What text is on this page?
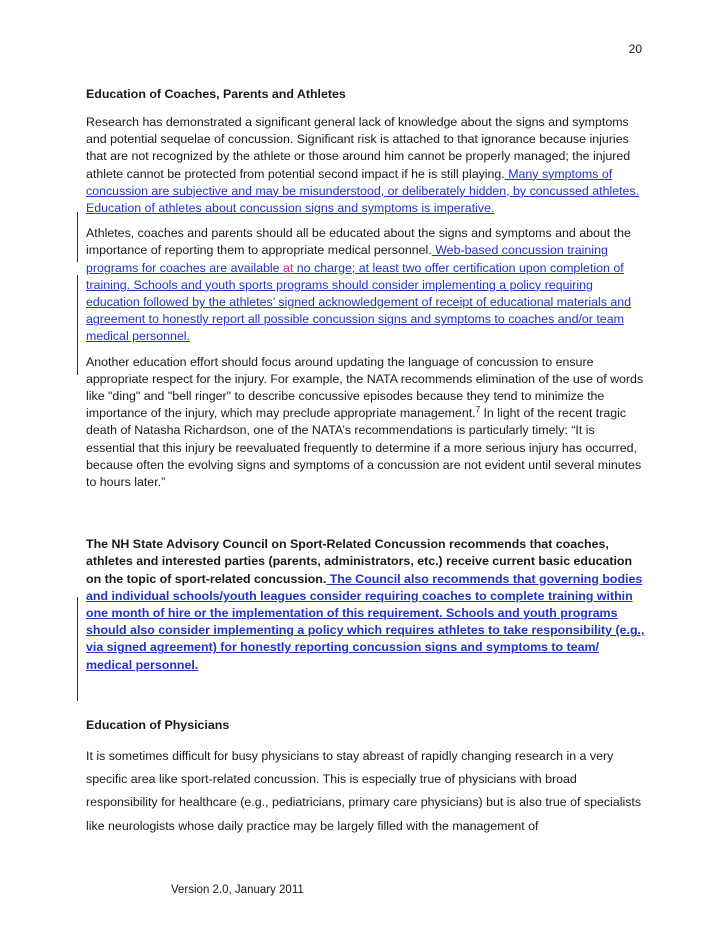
20
Education of Coaches, Parents and Athletes

Research has demonstrated a significant general lack of knowledge about the signs and symptoms and potential sequelae of concussion. Significant risk is attached to that ignorance because injuries that are not recognized by the athlete or those around him cannot be properly managed; the injured athlete cannot be protected from potential second impact if he is still playing. Many symptoms of concussion are subjective and may be misunderstood, or deliberately hidden, by concussed athletes. Education of athletes about concussion signs and symptoms is imperative.

Athletes, coaches and parents should all be educated about the signs and symptoms and about the importance of reporting them to appropriate medical personnel. Web-based concussion training programs for coaches are available at no charge; at least two offer certification upon completion of training. Schools and youth sports programs should consider implementing a policy requiring education followed by the athletes’ signed acknowledgement of receipt of educational materials and agreement to honestly report all possible concussion signs and symptoms to coaches and/or team medical personnel.

Another education effort should focus around updating the language of concussion to ensure appropriate respect for the injury. For example, the NATA recommends elimination of the use of words like "ding" and "bell ringer" to describe concussive episodes because they tend to minimize the importance of the injury, which may preclude appropriate management.$^7$ In light of the recent tragic death of Natasha Richardson, one of the NATA’s recommendations is particularly timely: “It is essential that this injury be reevaluated frequently to determine if a more serious injury has occurred, because often the evolving signs and symptoms of a concussion are not evident until several minutes to hours later.”

The NH State Advisory Council on Sport-Related Concussion recommends that coaches, athletes and interested parties (parents, administrators, etc.) receive current basic education on the topic of sport-related concussion. The Council also recommends that governing bodies and individual schools/youth leagues consider requiring coaches to complete training within one month of hire or the implementation of this requirement. Schools and youth programs should also consider implementing a policy which requires athletes to take responsibility (e.g., via signed agreement) for honestly reporting concussion signs and symptoms to team/ medical personnel.

Education of Physicians

It is sometimes difficult for busy physicians to stay abreast of rapidly changing research in a very specific area like sport-related concussion. This is especially true of physicians with broad responsibility for healthcare (e.g., pediatricians, primary care physicians) but is also true of specialists like neurologists whose daily practice may be largely filled with the management of

Version 2.0, January 2011
